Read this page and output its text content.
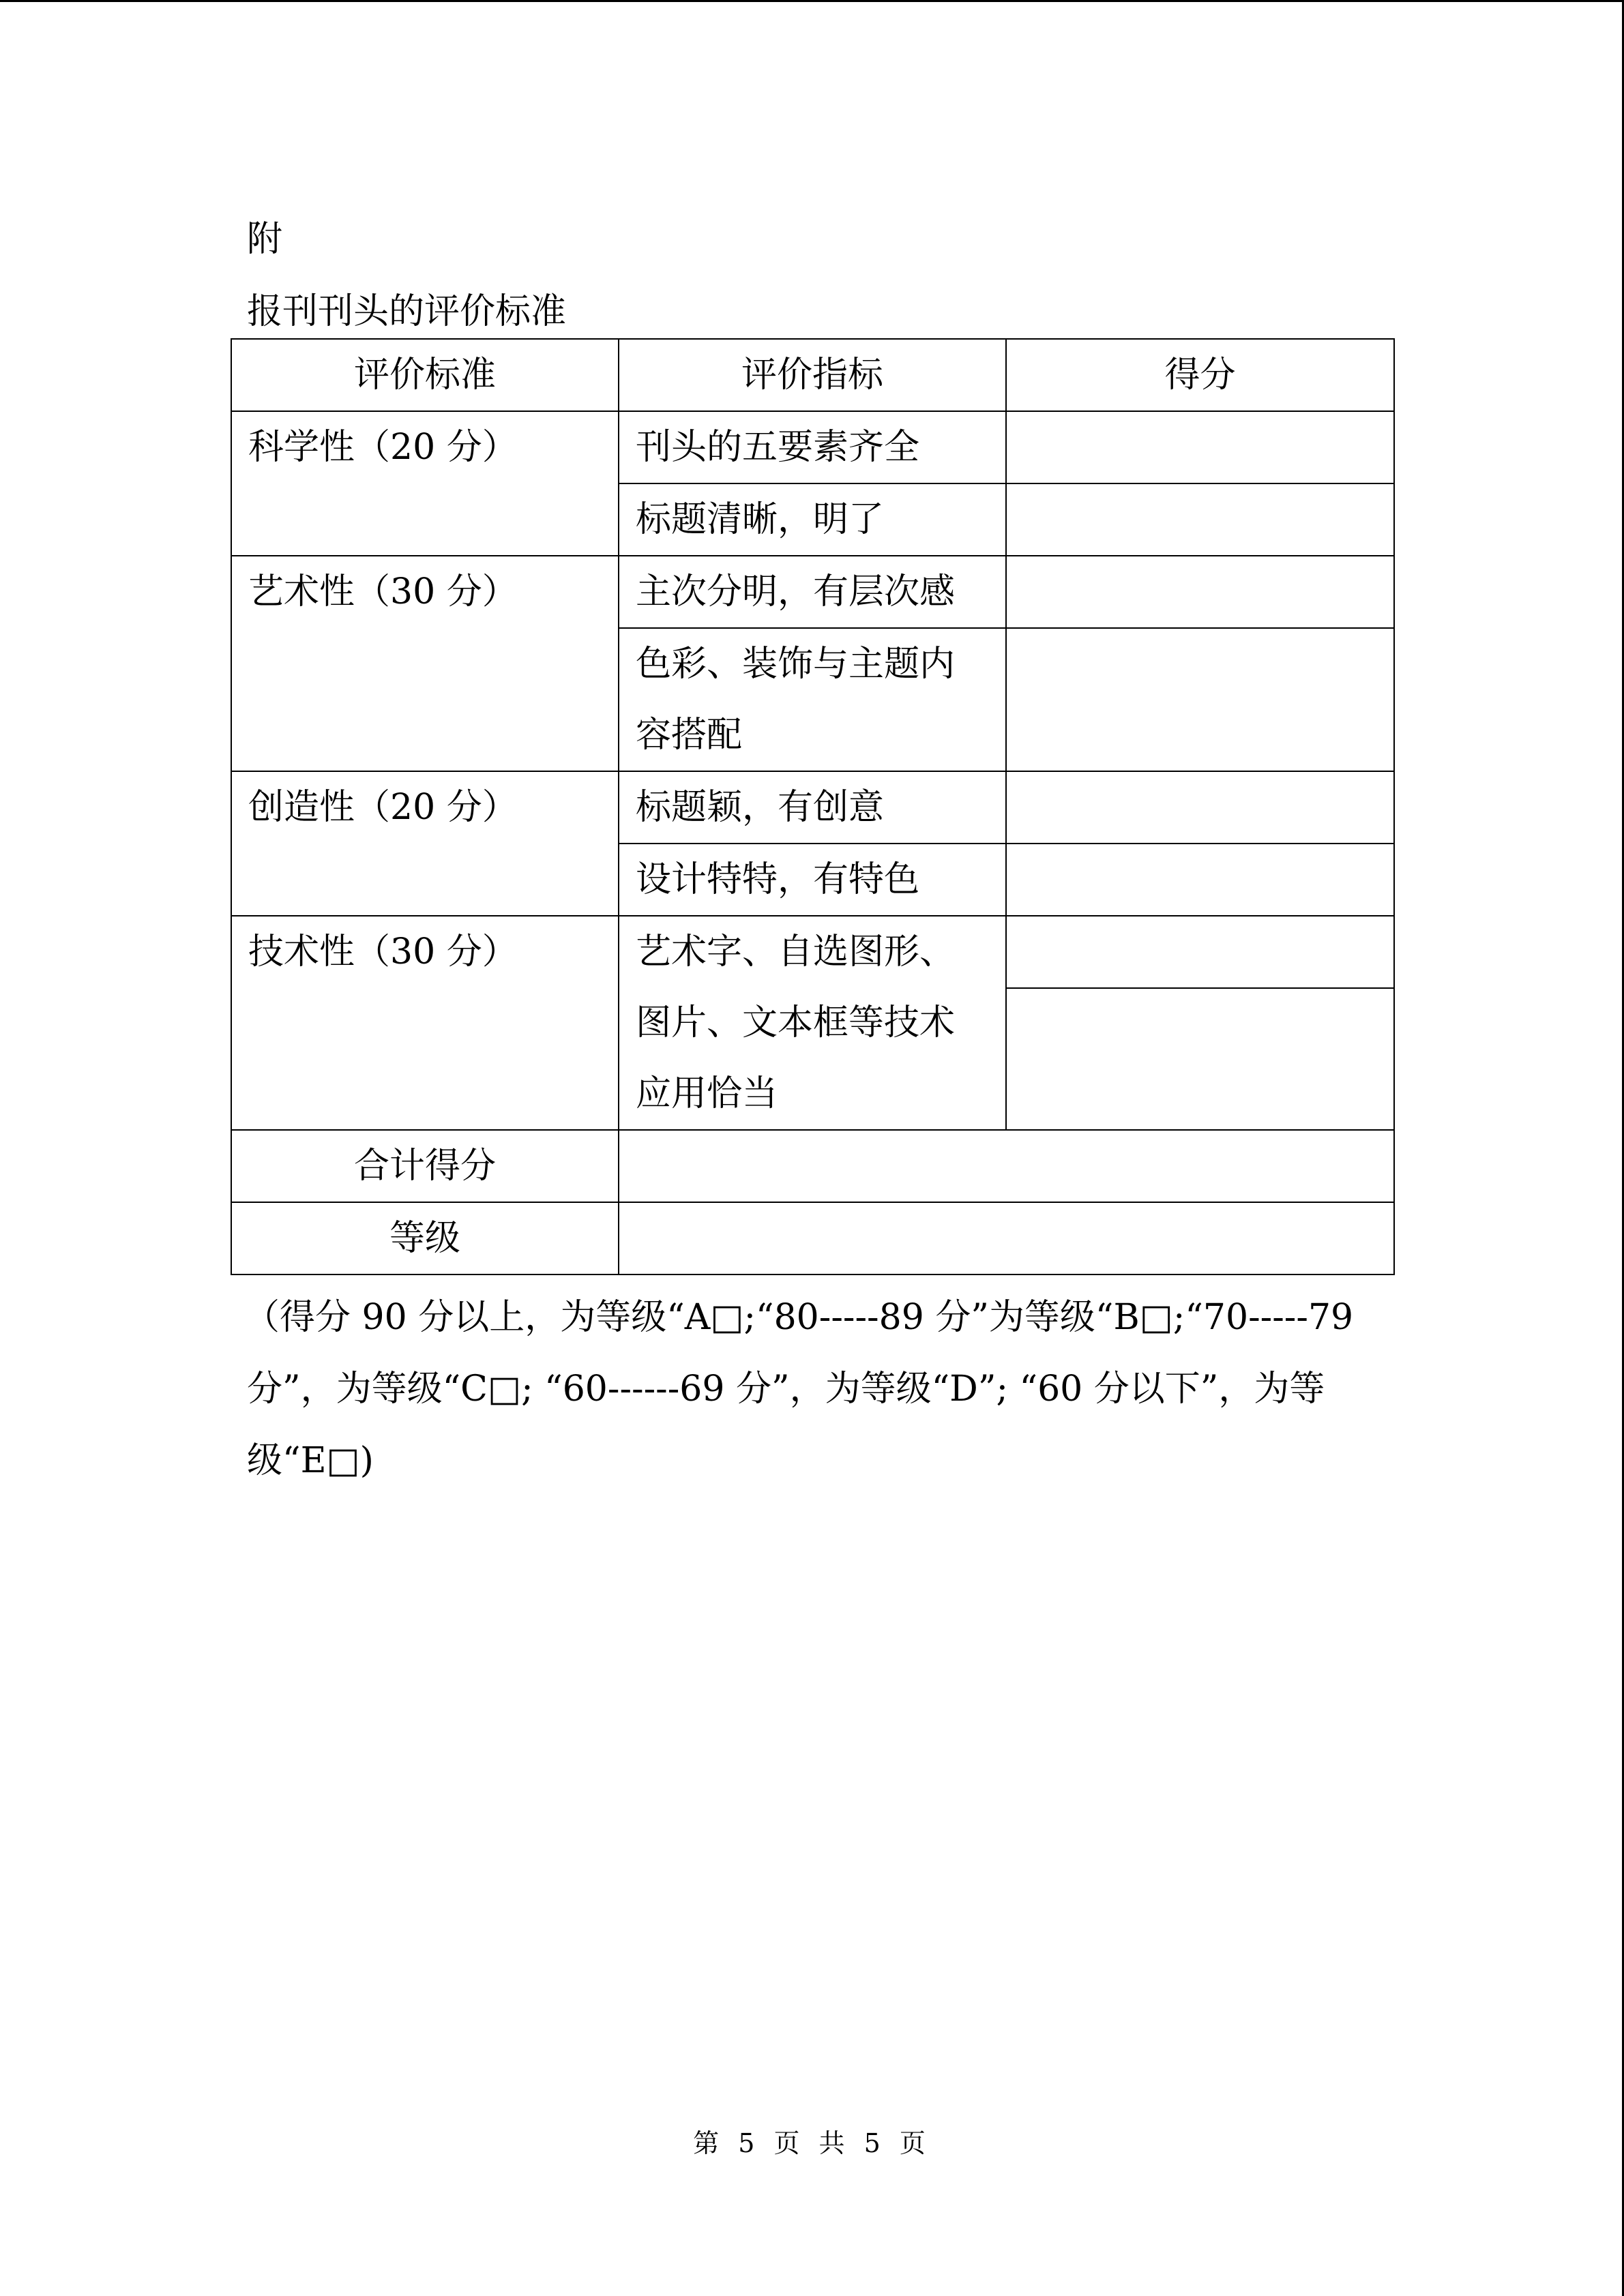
附
报刊刊头的评价标准
评价标准	评价指标	得分
科学性（20 分）	刊头的五要素齐全	
	标题清晰，明了	
艺术性（30 分）	主次分明，有层次感	
	色彩、装饰与主题内容搭配	
创造性（20 分）	标题颖，有创意	
	设计特特，有特色	
技术性（30 分）	艺术字、自选图形、图片、文本框等技术应用恰当	

合计得分		
等级		
（得分 90 分以上，为等级“A□;“80-----89 分”为等级“B□;“70-----79 分”，为等级“C□; “60------69 分”，为等级“D”; “60 分以下”，为等级“E□)
第 5 页 共 5 页
